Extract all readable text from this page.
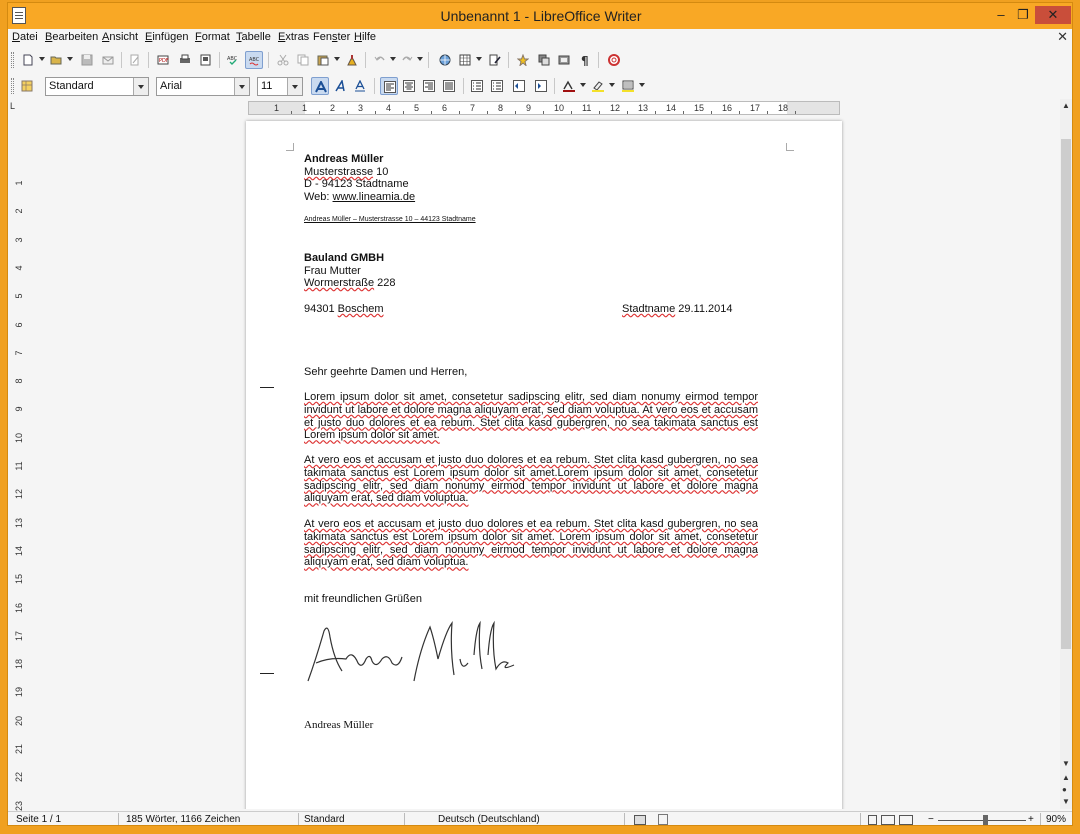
Unbenannt 1 - LibreOffice Writer	– ❐	✕
Datei Bearbeiten Ansicht Einfügen Format Tabelle Extras Fenster Hilfe	✕
PDF	ABC ABC	¶
Standard	Arial	11
L	1	1	2	3	4	5	6	7	8	9	10 11 12 13 14 15 16 17 18
1
2
3
4
5
6
7
8
9
10
11
12
13
14
15
16
17
18
19
20
21
22
23
Andreas Müller
Musterstrasse 10
D - 94123 Stadtname
Web: www.lineamia.de
Andreas Müller – Musterstrasse 10 – 44123 Stadtname
Bauland GMBH
Frau Mutter
Wormerstraße 228
94301 Boschem	Stadtname 29.11.2014
Sehr geehrte Damen und Herren,
Lorem ipsum dolor sit amet, consetetur sadipscing elitr, sed diam nonumy eirmod tempor invidunt ut labore et dolore magna aliquyam erat, sed diam voluptua. At vero eos et accusam et justo duo dolores et ea rebum. Stet clita kasd gubergren, no sea takimata sanctus est Lorem ipsum dolor sit amet.
At vero eos et accusam et justo duo dolores et ea rebum. Stet clita kasd gubergren, no sea takimata sanctus est Lorem ipsum dolor sit amet.Lorem ipsum dolor sit amet, consetetur sadipscing elitr, sed diam nonumy eirmod tempor invidunt ut labore et dolore magna aliquyam erat, sed diam voluptua.
At vero eos et accusam et justo duo dolores et ea rebum. Stet clita kasd gubergren, no sea takimata sanctus est Lorem ipsum dolor sit amet. Lorem ipsum dolor sit amet, consetetur sadipscing elitr, sed diam nonumy eirmod tempor invidunt ut labore et dolore magna aliquyam erat, sed diam voluptua.
mit freundlichen Grüßen
Andreas Müller
▲
▼
▲
●
▼
Seite 1 / 1	185 Wörter, 1166 Zeichen	Standard	Deutsch (Deutschland)	−	+ 90%
